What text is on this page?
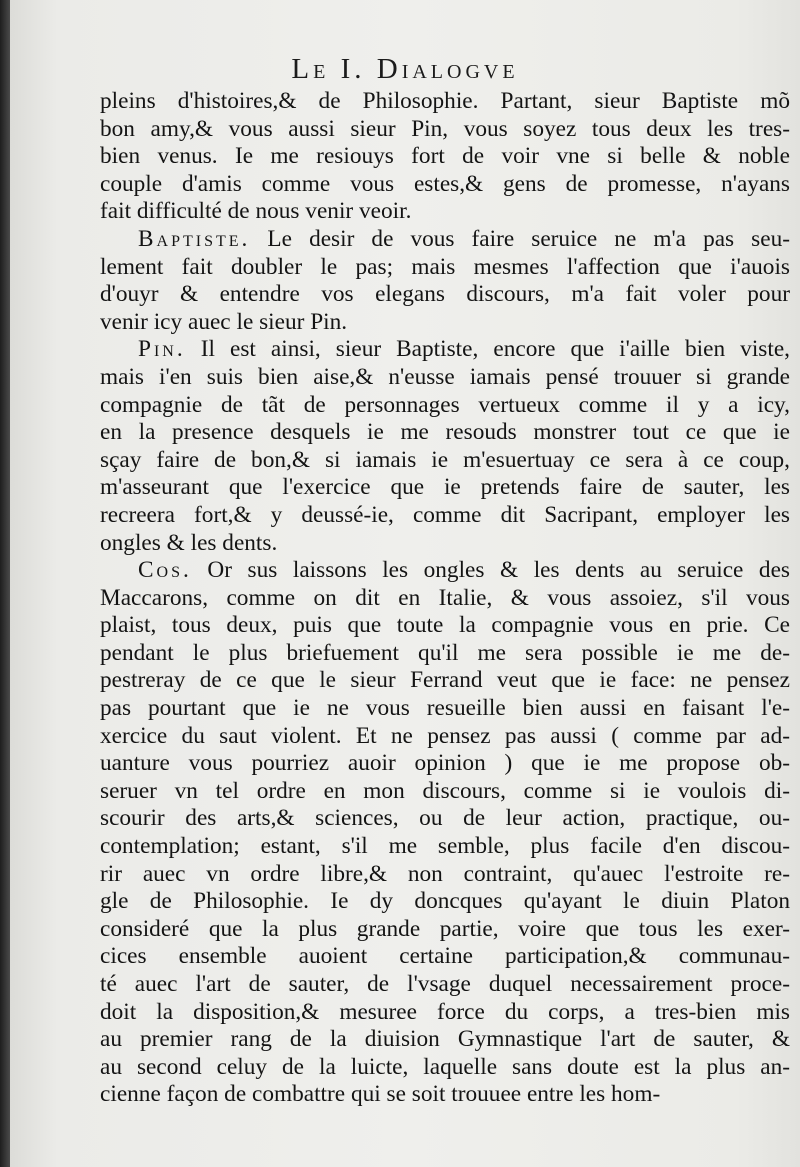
Le I. Dialogve
pleins d'histoires,& de Philosophie. Partant, sieur Baptiste mõ
bon amy,& vous aussi sieur Pin, vous soyez tous deux les tres-
bien venus. Ie me resiouys fort de voir vne si belle & noble
couple d'amis comme vous estes,& gens de promesse, n'ayans
fait difficulté de nous venir veoir.
Baptiste. Le desir de vous faire seruice ne m'a pas seu-
lement fait doubler le pas; mais mesmes l'affection que i'auois
d'ouyr & entendre vos elegans discours, m'a fait voler pour
venir icy auec le sieur Pin.
Pin. Il est ainsi, sieur Baptiste, encore que i'aille bien viste,
mais i'en suis bien aise,& n'eusse iamais pensé trouuer si grande
compagnie de tãt de personnages vertueux comme il y a icy,
en la presence desquels ie me resouds monstrer tout ce que ie
sçay faire de bon,& si iamais ie m'esuertuay ce sera à ce coup,
m'asseurant que l'exercice que ie pretends faire de sauter, les
recreera fort,& y deussé-ie, comme dit Sacripant, employer les
ongles & les dents.
Cos. Or sus laissons les ongles & les dents au seruice des
Maccarons, comme on dit en Italie, & vous assoiez, s'il vous
plaist, tous deux, puis que toute la compagnie vous en prie. Ce
pendant le plus briefuement qu'il me sera possible ie me de-
pestreray de ce que le sieur Ferrand veut que ie face: ne pensez
pas pourtant que ie ne vous resueille bien aussi en faisant l'e-
xercice du saut violent. Et ne pensez pas aussi ( comme par ad-
uanture vous pourriez auoir opinion ) que ie me propose ob-
seruer vn tel ordre en mon discours, comme si ie voulois di-
scourir des arts,& sciences, ou de leur action, practique, ou-
contemplation; estant, s'il me semble, plus facile d'en discou-
rir auec vn ordre libre,& non contraint, qu'auec l'estroite re-
gle de Philosophie. Ie dy doncques qu'ayant le diuin Platon
consideré que la plus grande partie, voire que tous les exer-
cices ensemble auoient certaine participation,& communau-
té auec l'art de sauter, de l'vsage duquel necessairement proce-
doit la disposition,& mesuree force du corps, a tres-bien mis
au premier rang de la diuision Gymnastique l'art de sauter, &
au second celuy de la luicte, laquelle sans doute est la plus an-
cienne façon de combattre qui se soit trouuee entre les hom-
